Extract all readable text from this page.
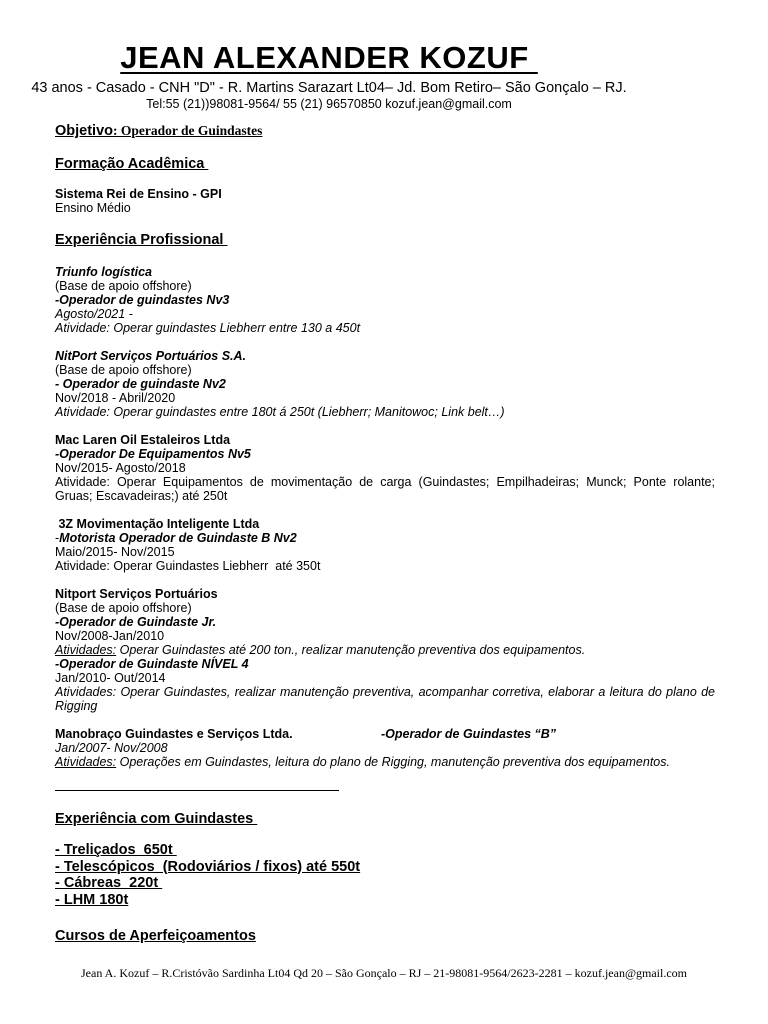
JEAN ALEXANDER KOZUF
43 anos - Casado - CNH "D" - R. Martins Sarazart Lt04– Jd. Bom Retiro– São Gonçalo – RJ.
Tel:55 (21))98081-9564/ 55 (21) 96570850 kozuf.jean@gmail.com
Objetivo: Operador de Guindastes
Formação Acadêmica
Sistema Rei de Ensino - GPI
Ensino Médio
Experiência Profissional
Triunfo logística
(Base de apoio offshore)
-Operador de guindastes Nv3
Agosto/2021 -
Atividade: Operar guindastes Liebherr entre 130 a 450t
NitPort Serviços Portuários S.A.
(Base de apoio offshore)
- Operador de guindaste Nv2
Nov/2018 - Abril/2020
Atividade: Operar guindastes entre 180t á 250t (Liebherr; Manitowoc; Link belt…)
Mac Laren Oil Estaleiros Ltda
-Operador De Equipamentos Nv5
Nov/2015- Agosto/2018
Atividade: Operar Equipamentos de movimentação de carga (Guindastes; Empilhadeiras; Munck; Ponte rolante; Gruas; Escavadeiras;) até 250t
3Z Movimentação Inteligente Ltda
-Motorista Operador de Guindaste B Nv2
Maio/2015- Nov/2015
Atividade: Operar Guindastes Liebherr  até 350t
Nitport Serviços Portuários
(Base de apoio offshore)
-Operador de Guindaste Jr.
Nov/2008-Jan/2010
Atividades: Operar Guindastes até 200 ton., realizar manutenção preventiva dos equipamentos.
-Operador de Guindaste NÍVEL 4
Jan/2010- Out/2014
Atividades: Operar Guindastes, realizar manutenção preventiva, acompanhar corretiva, elaborar a leitura do plano de Rigging
Manobraço Guindastes e Serviços Ltda.	-Operador de Guindastes “B”
Jan/2007- Nov/2008
Atividades: Operações em Guindastes, leitura do plano de Rigging, manutenção preventiva dos equipamentos.
Experiência com Guindastes
- Treliçados  650t
- Telescópicos  (Rodoviários / fixos) até 550t
- Cábreas  220t
- LHM 180t
Cursos de Aperfeiçoamentos
Jean A. Kozuf – R.Cristóvão Sardinha Lt04 Qd 20 – São Gonçalo – RJ – 21-98081-9564/2623-2281 – kozuf.jean@gmail.com
